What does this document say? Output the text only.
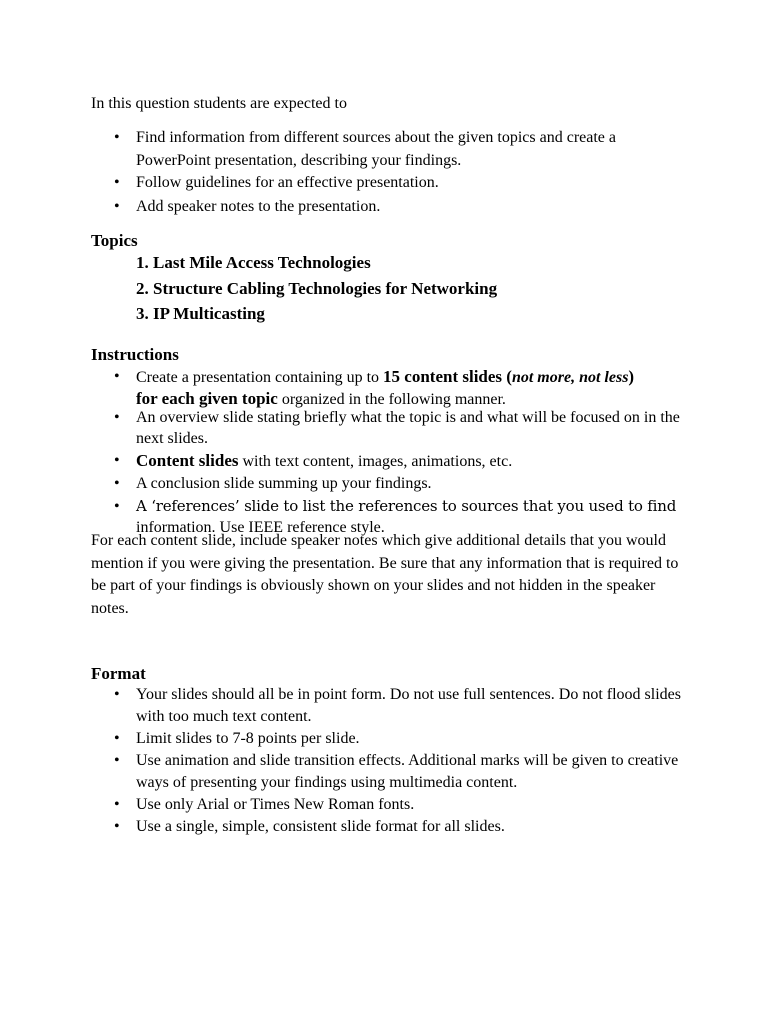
In this question students are expected to
• Find information from different sources about the given topics and create a PowerPoint presentation, describing your findings.
• Follow guidelines for an effective presentation.
• Add speaker notes to the presentation.
Topics
1. Last Mile Access Technologies
2. Structure Cabling Technologies for Networking
3. IP Multicasting
Instructions
• Create a presentation containing up to 15 content slides (not more, not less)
for each given topic organized in the following manner.
• An overview slide stating briefly what the topic is and what will be focused on in the next slides.
• Content slides with text content, images, animations, etc.
• A conclusion slide summing up your findings.
• A ‘references’ slide to list the references to sources that you used to find
information. Use IEEE reference style.
For each content slide, include speaker notes which give additional details that you would mention if you were giving the presentation. Be sure that any information that is required to be part of your findings is obviously shown on your slides and not hidden in the speaker notes.
Format
• Your slides should all be in point form. Do not use full sentences. Do not flood slides with too much text content.
• Limit slides to 7-8 points per slide.
• Use animation and slide transition effects. Additional marks will be given to creative ways of presenting your findings using multimedia content.
• Use only Arial or Times New Roman fonts.
• Use a single, simple, consistent slide format for all slides.
